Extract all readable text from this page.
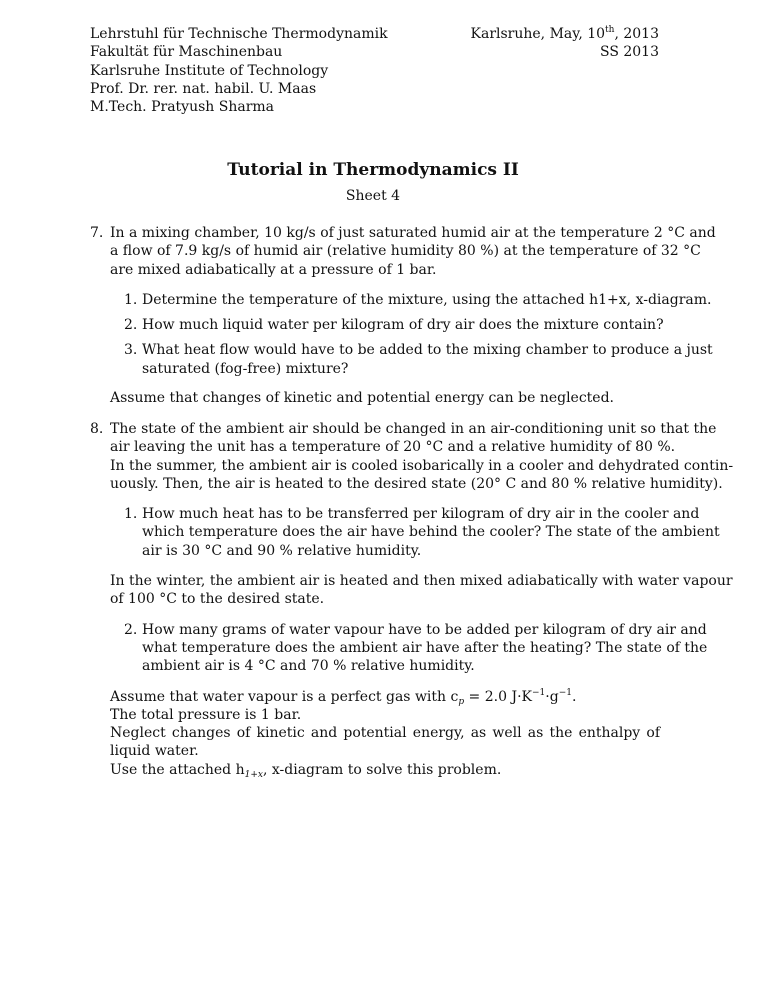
Lehrstuhl für Technische Thermodynamik
Fakultät für Maschinenbau
Karlsruhe Institute of Technology
Prof. Dr. rer. nat. habil. U. Maas
M.Tech. Pratyush Sharma
Karlsruhe, May, 10th, 2013
SS 2013
Tutorial in Thermodynamics II
Sheet 4
7. In a mixing chamber, 10 kg/s of just saturated humid air at the temperature 2 °C and
a flow of 7.9 kg/s of humid air (relative humidity 80 %) at the temperature of 32 °C
are mixed adiabatically at a pressure of 1 bar.
1. Determine the temperature of the mixture, using the attached h1+x, x-diagram.
2. How much liquid water per kilogram of dry air does the mixture contain?
3. What heat flow would have to be added to the mixing chamber to produce a just
saturated (fog-free) mixture?
Assume that changes of kinetic and potential energy can be neglected.
8. The state of the ambient air should be changed in an air-conditioning unit so that the
air leaving the unit has a temperature of 20 °C and a relative humidity of 80 %.
In the summer, the ambient air is cooled isobarically in a cooler and dehydrated contin-
uously. Then, the air is heated to the desired state (20° C and 80 % relative humidity).
1. How much heat has to be transferred per kilogram of dry air in the cooler and
which temperature does the air have behind the cooler? The state of the ambient
air is 30 °C and 90 % relative humidity.
In the winter, the ambient air is heated and then mixed adiabatically with water vapour
of 100 °C to the desired state.
2. How many grams of water vapour have to be added per kilogram of dry air and
what temperature does the ambient air have after the heating? The state of the
ambient air is 4 °C and 70 % relative humidity.
Assume that water vapour is a perfect gas with $c_p = 2.0$ $J\cdot K^{-1}\cdot g^{-1}$.
The total pressure is 1 bar.
Neglect changes of kinetic and potential energy, as well as the enthalpy of liquid water.
Use the attached $h_{1+x}$, x-diagram to solve this problem.
